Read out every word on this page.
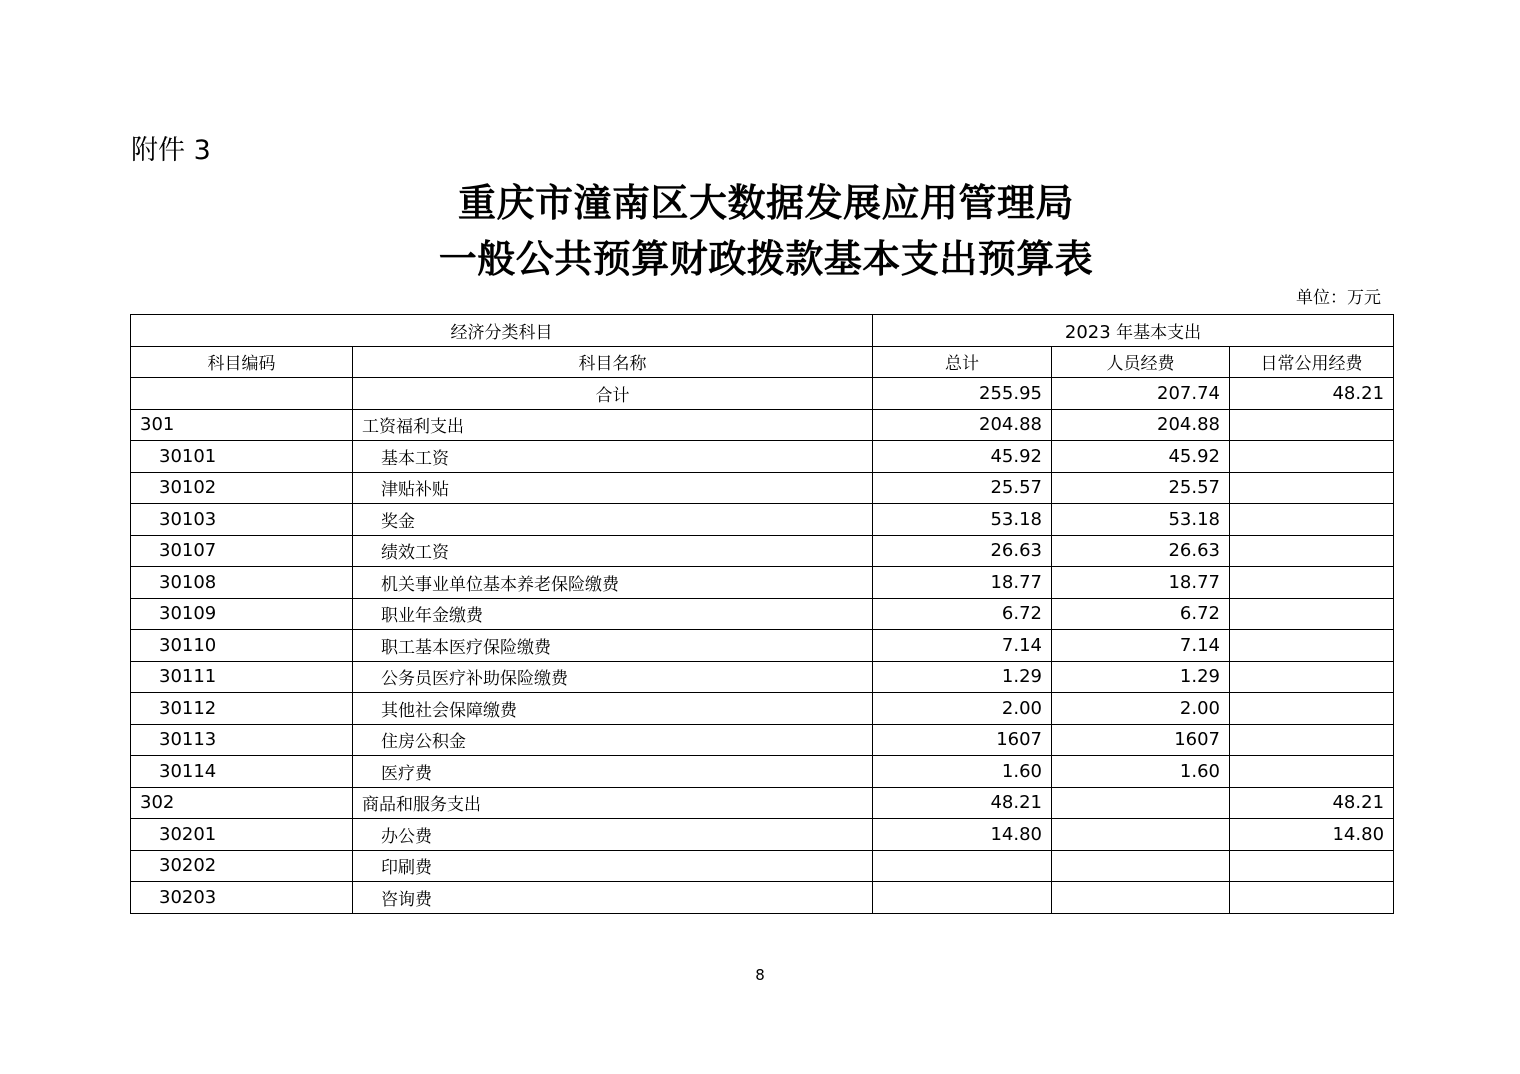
附件 3
重庆市潼南区大数据发展应用管理局
一般公共预算财政拨款基本支出预算表
单位：万元
经济分类科目		2023 年基本支出		
科目编码	科目名称	总计	人员经费	日常公用经费
	合计	255.95	207.74	48.21
301	工资福利支出	204.88	204.88	
30101	基本工资	45.92	45.92	
30102	津贴补贴	25.57	25.57	
30103	奖金	53.18	53.18	
30107	绩效工资	26.63	26.63	
30108	机关事业单位基本养老保险缴费	18.77	18.77	
30109	职业年金缴费	6.72	6.72	
30110	职工基本医疗保险缴费	7.14	7.14	
30111	公务员医疗补助保险缴费	1.29	1.29	
30112	其他社会保障缴费	2.00	2.00	
30113	住房公积金	1607	1607	
30114	医疗费	1.60	1.60	
302	商品和服务支出	48.21		48.21
30201	办公费	14.80		14.80
30202	印刷费			
30203	咨询费			
8
